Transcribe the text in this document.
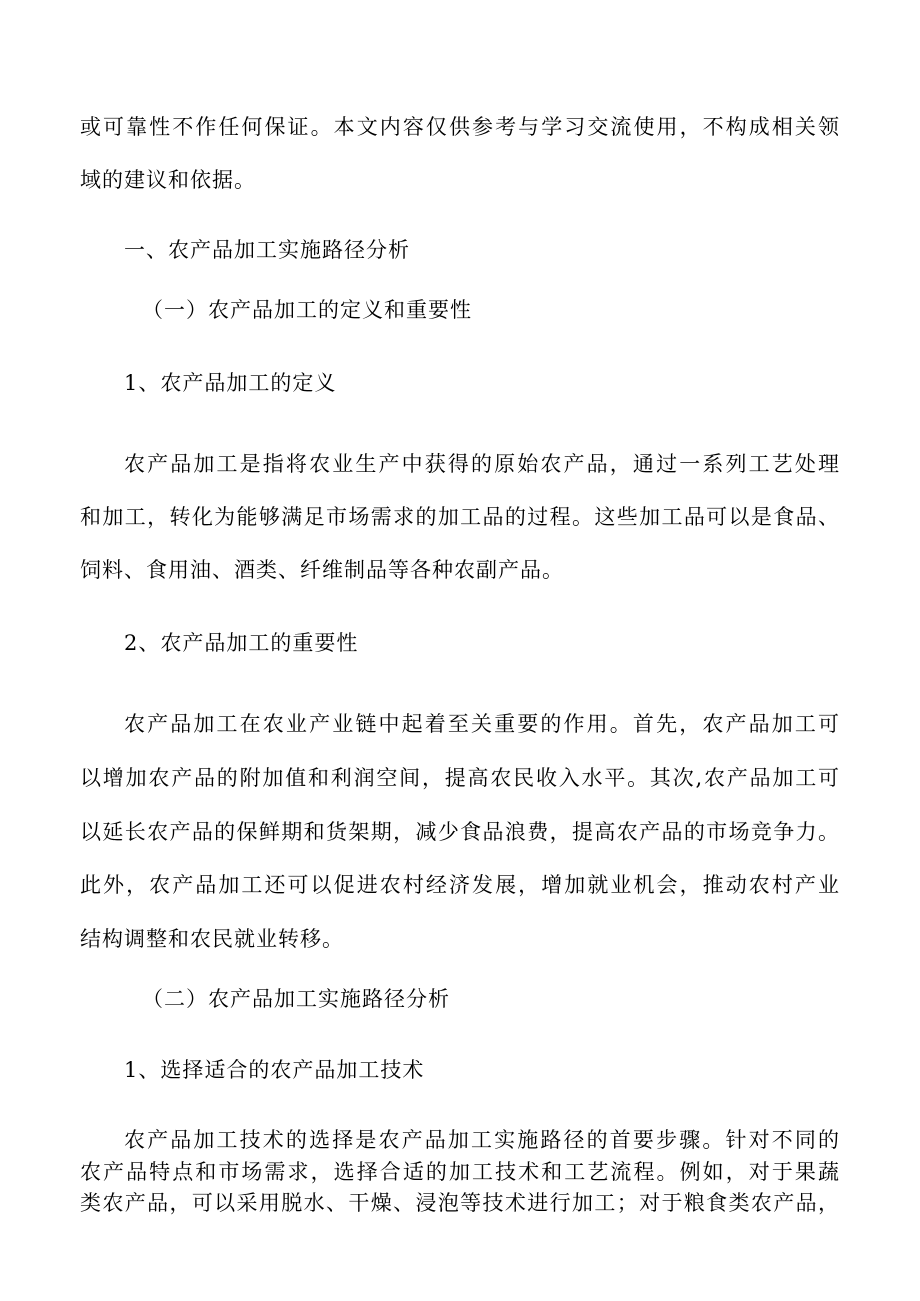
或可靠性不作任何保证。本文内容仅供参考与学习交流使用，不构成相关领
域的建议和依据。
一、农产品加工实施路径分析
（一）农产品加工的定义和重要性
1、农产品加工的定义
农产品加工是指将农业生产中获得的原始农产品，通过一系列工艺处理
和加工，转化为能够满足市场需求的加工品的过程。这些加工品可以是食品、
饲料、食用油、酒类、纤维制品等各种农副产品。
2、农产品加工的重要性
农产品加工在农业产业链中起着至关重要的作用。首先，农产品加工可
以增加农产品的附加值和利润空间，提高农民收入水平。其次,农产品加工可
以延长农产品的保鲜期和货架期，减少食品浪费，提高农产品的市场竞争力。
此外，农产品加工还可以促进农村经济发展，增加就业机会，推动农村产业
结构调整和农民就业转移。
（二）农产品加工实施路径分析
1、选择适合的农产品加工技术
农产品加工技术的选择是农产品加工实施路径的首要步骤。针对不同的
农产品特点和市场需求，选择合适的加工技术和工艺流程。例如，对于果蔬
类农产品，可以采用脱水、干燥、浸泡等技术进行加工；对于粮食类农产品，
